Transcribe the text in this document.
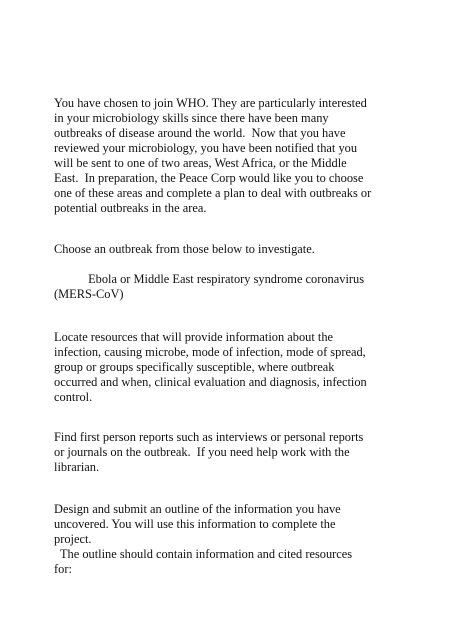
You have chosen to join WHO. They are particularly interested

in your microbiology skills since there have been many

outbreaks of disease around the world.  Now that you have

reviewed your microbiology, you have been notified that you

will be sent to one of two areas, West Africa, or the Middle

East.  In preparation, the Peace Corp would like you to choose

one of these areas and complete a plan to deal with outbreaks or

potential outbreaks in the area.

Choose an outbreak from those below to investigate.

Ebola or Middle East respiratory syndrome coronavirus

(MERS-CoV)

Locate resources that will provide information about the

infection, causing microbe, mode of infection, mode of spread,

group or groups specifically susceptible, where outbreak

occurred and when, clinical evaluation and diagnosis, infection

control.

Find first person reports such as interviews or personal reports

or journals on the outbreak.  If you need help work with the

librarian.

Design and submit an outline of the information you have

uncovered. You will use this information to complete the

project.

The outline should contain information and cited resources

for:
